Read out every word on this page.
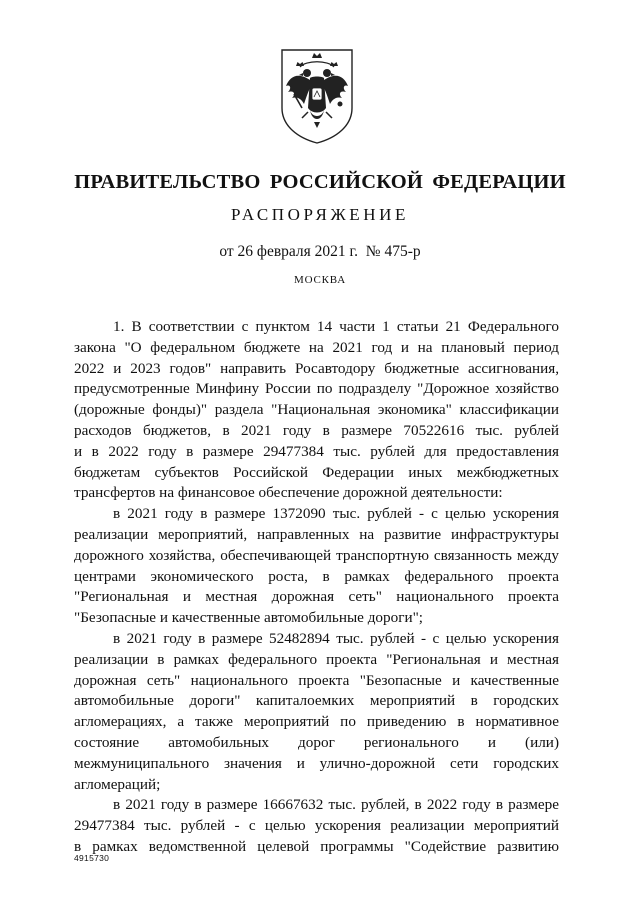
ПРАВИТЕЛЬСТВО РОССИЙСКОЙ ФЕДЕРАЦИИ
РАСПОРЯЖЕНИЕ
от 26 февраля 2021 г.  № 475-р
МОСКВА
1. В соответствии с пунктом 14 части 1 статьи 21 Федерального
закона "О федеральном бюджете на 2021 год и на плановый период
2022 и 2023 годов" направить Росавтодору бюджетные ассигнования,
предусмотренные Минфину России по подразделу "Дорожное хозяйство
(дорожные фонды)" раздела "Национальная экономика" классификации
расходов бюджетов, в 2021 году в размере 70522616 тыс. рублей
и в 2022 году в размере 29477384 тыс. рублей для предоставления
бюджетам субъектов Российской Федерации иных межбюджетных
трансфертов на финансовое обеспечение дорожной деятельности:
в 2021 году в размере 1372090 тыс. рублей - с целью ускорения
реализации мероприятий, направленных на развитие инфраструктуры
дорожного хозяйства, обеспечивающей транспортную связанность между
центрами экономического роста, в рамках федерального проекта
"Региональная и местная дорожная сеть" национального проекта
"Безопасные и качественные автомобильные дороги";
в 2021 году в размере 52482894 тыс. рублей - с целью ускорения
реализации в рамках федерального проекта "Региональная и местная
дорожная сеть" национального проекта "Безопасные и качественные
автомобильные дороги" капиталоемких мероприятий в городских
агломерациях, а также мероприятий по приведению в нормативное
состояние автомобильных дорог регионального и (или)
межмуниципального значения и улично-дорожной сети городских
агломераций;
в 2021 году в размере 16667632 тыс. рублей, в 2022 году в размере
29477384 тыс. рублей - с целью ускорения реализации мероприятий
в рамках ведомственной целевой программы "Содействие развитию
4915730
